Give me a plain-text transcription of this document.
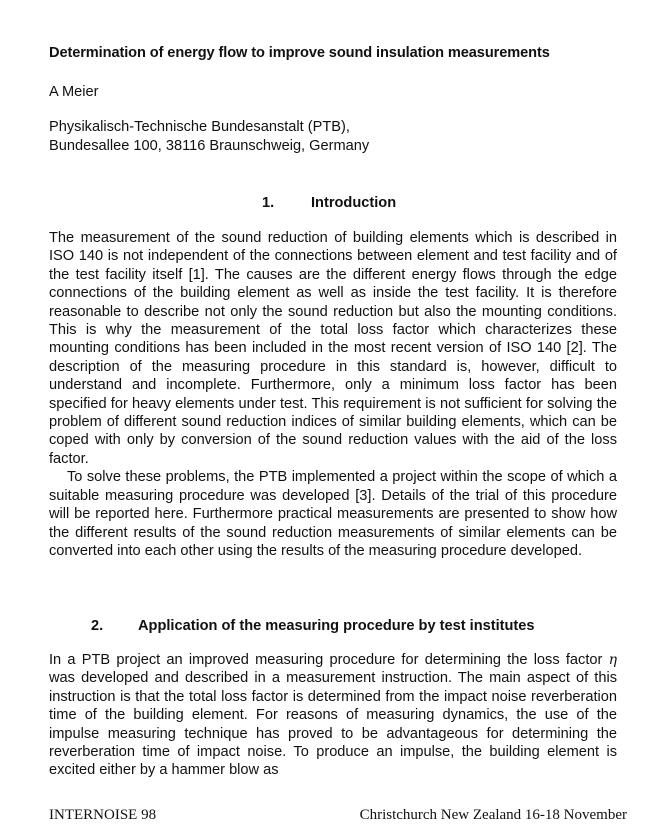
Determination of energy flow to improve sound insulation measurements
A Meier
Physikalisch-Technische Bundesanstalt (PTB),
Bundesallee 100, 38116 Braunschweig, Germany
1.	Introduction

The measurement of the sound reduction of building elements which is described in ISO 140 is not independent of the connections between element and test facility and of the test facility itself [1]. The causes are the different energy flows through the edge connections of the building element as well as inside the test facility. It is therefore reasonable to describe not only the sound reduction but also the mounting conditions. This is why the measurement of the total loss factor which characterizes these mounting conditions has been included in the most recent version of ISO 140 [2]. The description of the measuring procedure in this standard is, however, difficult to understand and incomplete. Furthermore, only a minimum loss factor has been specified for heavy elements under test. This requirement is not sufficient for solving the problem of different sound reduction indices of similar building elements, which can be coped with only by conversion of the sound reduction values with the aid of the loss factor.

To solve these problems, the PTB implemented a project within the scope of which a suitable measuring procedure was developed [3]. Details of the trial of this procedure will be reported here. Furthermore practical measurements are presented to show how the different results of the sound reduction measurements of similar elements can be converted into each other using the results of the measuring procedure developed.

2. Application of the measuring procedure by test institutes

In a PTB project an improved measuring procedure for determining the loss factor η was developed and described in a measurement instruction. The main aspect of this instruction is that the total loss factor is determined from the impact noise reverberation time of the building element. For reasons of measuring dynamics, the use of the impulse measuring technique has proved to be advantageous for determining the reverberation time of impact noise. To produce an impulse, the building element is excited either by a hammer blow as

INTERNOISE 98	Christchurch New Zealand 16-18 November
